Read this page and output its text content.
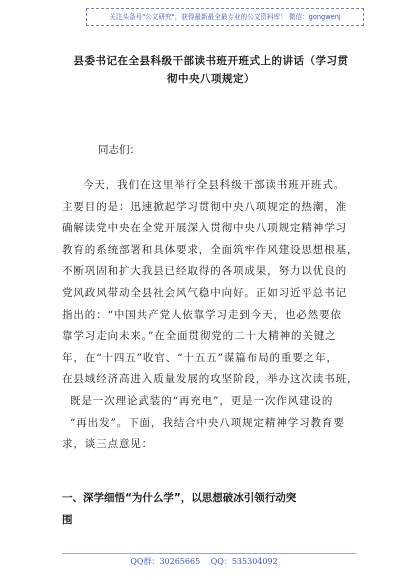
关注头条号"公文研究"，获得最新最全最专业的公文资料库！ 微信：gongwenj
县委书记在全县科级干部读书班开班式上的讲话（学习贯
彻中央八项规定）
同志们：
今天，我们在这里举行全县科级干部读书班开班式。
主要目的是：迅速掀起学习贯彻中央八项规定的热潮，准
确解读党中央在全党开展深入贯彻中央八项规定精神学习
教育的系统部署和具体要求，全面筑牢作风建设思想根基，
不断巩固和扩大我县已经取得的各项成果，努力以优良的
党风政风带动全县社会风气稳中向好。正如习近平总书记
指出的：“中国共产党人依靠学习走到今天，也必然要依
靠学习走向未来。”在全面贯彻党的二十大精神的关键之
年，在“十四五”收官、“十五五”谋篇布局的重要之年，
在县域经济高进入质量发展的攻坚阶段，举办这次读书班，
既是一次理论武装的“再充电”，更是一次作风建设的
“再出发”。下面，我结合中央八项规定精神学习教育要
求，谈三点意见：
一、深学细悟“为什么学”，以思想破冰引领行动突
围
QQ群：30265665 QQ：535304092
